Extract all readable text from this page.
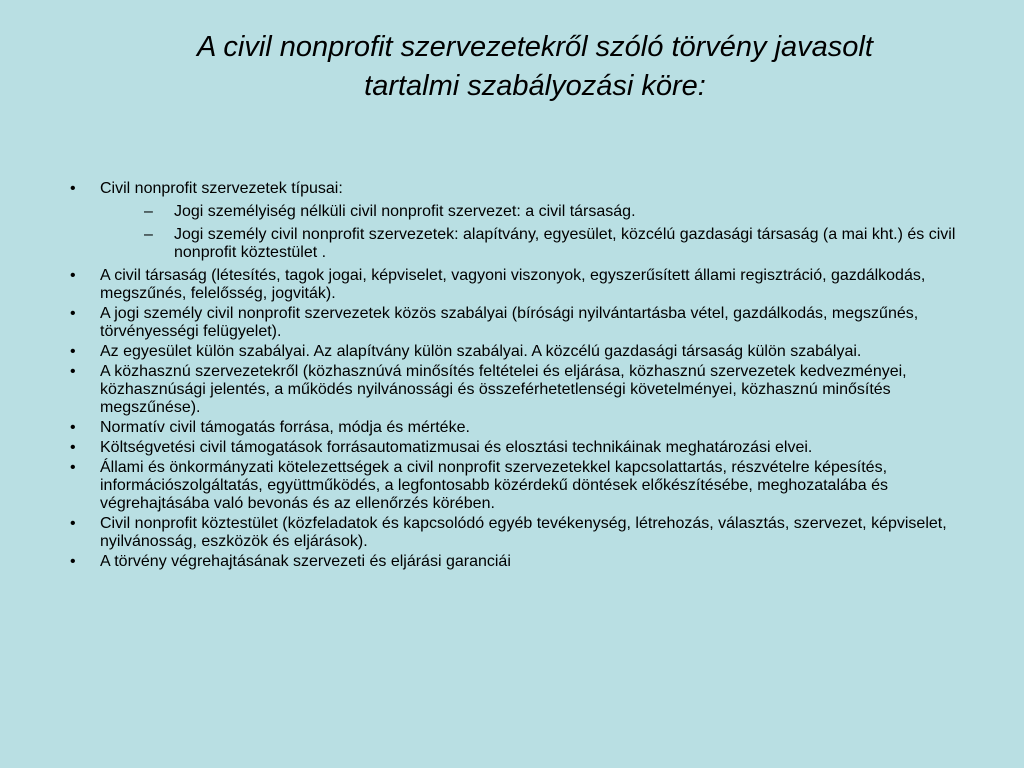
A civil nonprofit szervezetekről szóló törvény javasolt
tartalmi szabályozási köre:
•	Civil nonprofit szervezetek típusai:
– Jogi személyiség nélküli civil nonprofit szervezet: a civil társaság.
– Jogi személy civil nonprofit szervezetek: alapítvány, egyesület, közcélú gazdasági társaság (a mai kht.) és civil nonprofit köztestület .
•	A civil társaság (létesítés, tagok jogai, képviselet, vagyoni viszonyok, egyszerűsített állami regisztráció, gazdálkodás, megszűnés, felelősség, jogviták).
•	A jogi személy civil nonprofit szervezetek közös szabályai (bírósági nyilvántartásba vétel, gazdálkodás, megszűnés, törvényességi felügyelet).
•	Az egyesület külön szabályai. Az alapítvány külön szabályai. A közcélú gazdasági társaság külön szabályai.
•	A közhasznú szervezetekről (közhasznúvá minősítés feltételei és eljárása, közhasznú szervezetek kedvezményei, közhasznúsági jelentés, a működés nyilvánossági és összeférhetetlenségi követelményei, közhasznú minősítés megszűnése).
•	Normatív civil támogatás forrása, módja és mértéke.
•	Költségvetési civil támogatások forrásautomatizmusai és elosztási technikáinak meghatározási elvei.
•	Állami és önkormányzati kötelezettségek a civil nonprofit szervezetekkel kapcsolattartás, részvételre képesítés, információszolgáltatás, együttműködés, a legfontosabb közérdekű döntések előkészítésébe, meghozatalába és végrehajtásába való bevonás és az ellenőrzés körében.
•	Civil nonprofit köztestület (közfeladatok és kapcsolódó egyéb tevékenység, létrehozás, választás, szervezet, képviselet, nyilvánosság, eszközök és eljárások).
•	A törvény végrehajtásának szervezeti és eljárási garanciái
